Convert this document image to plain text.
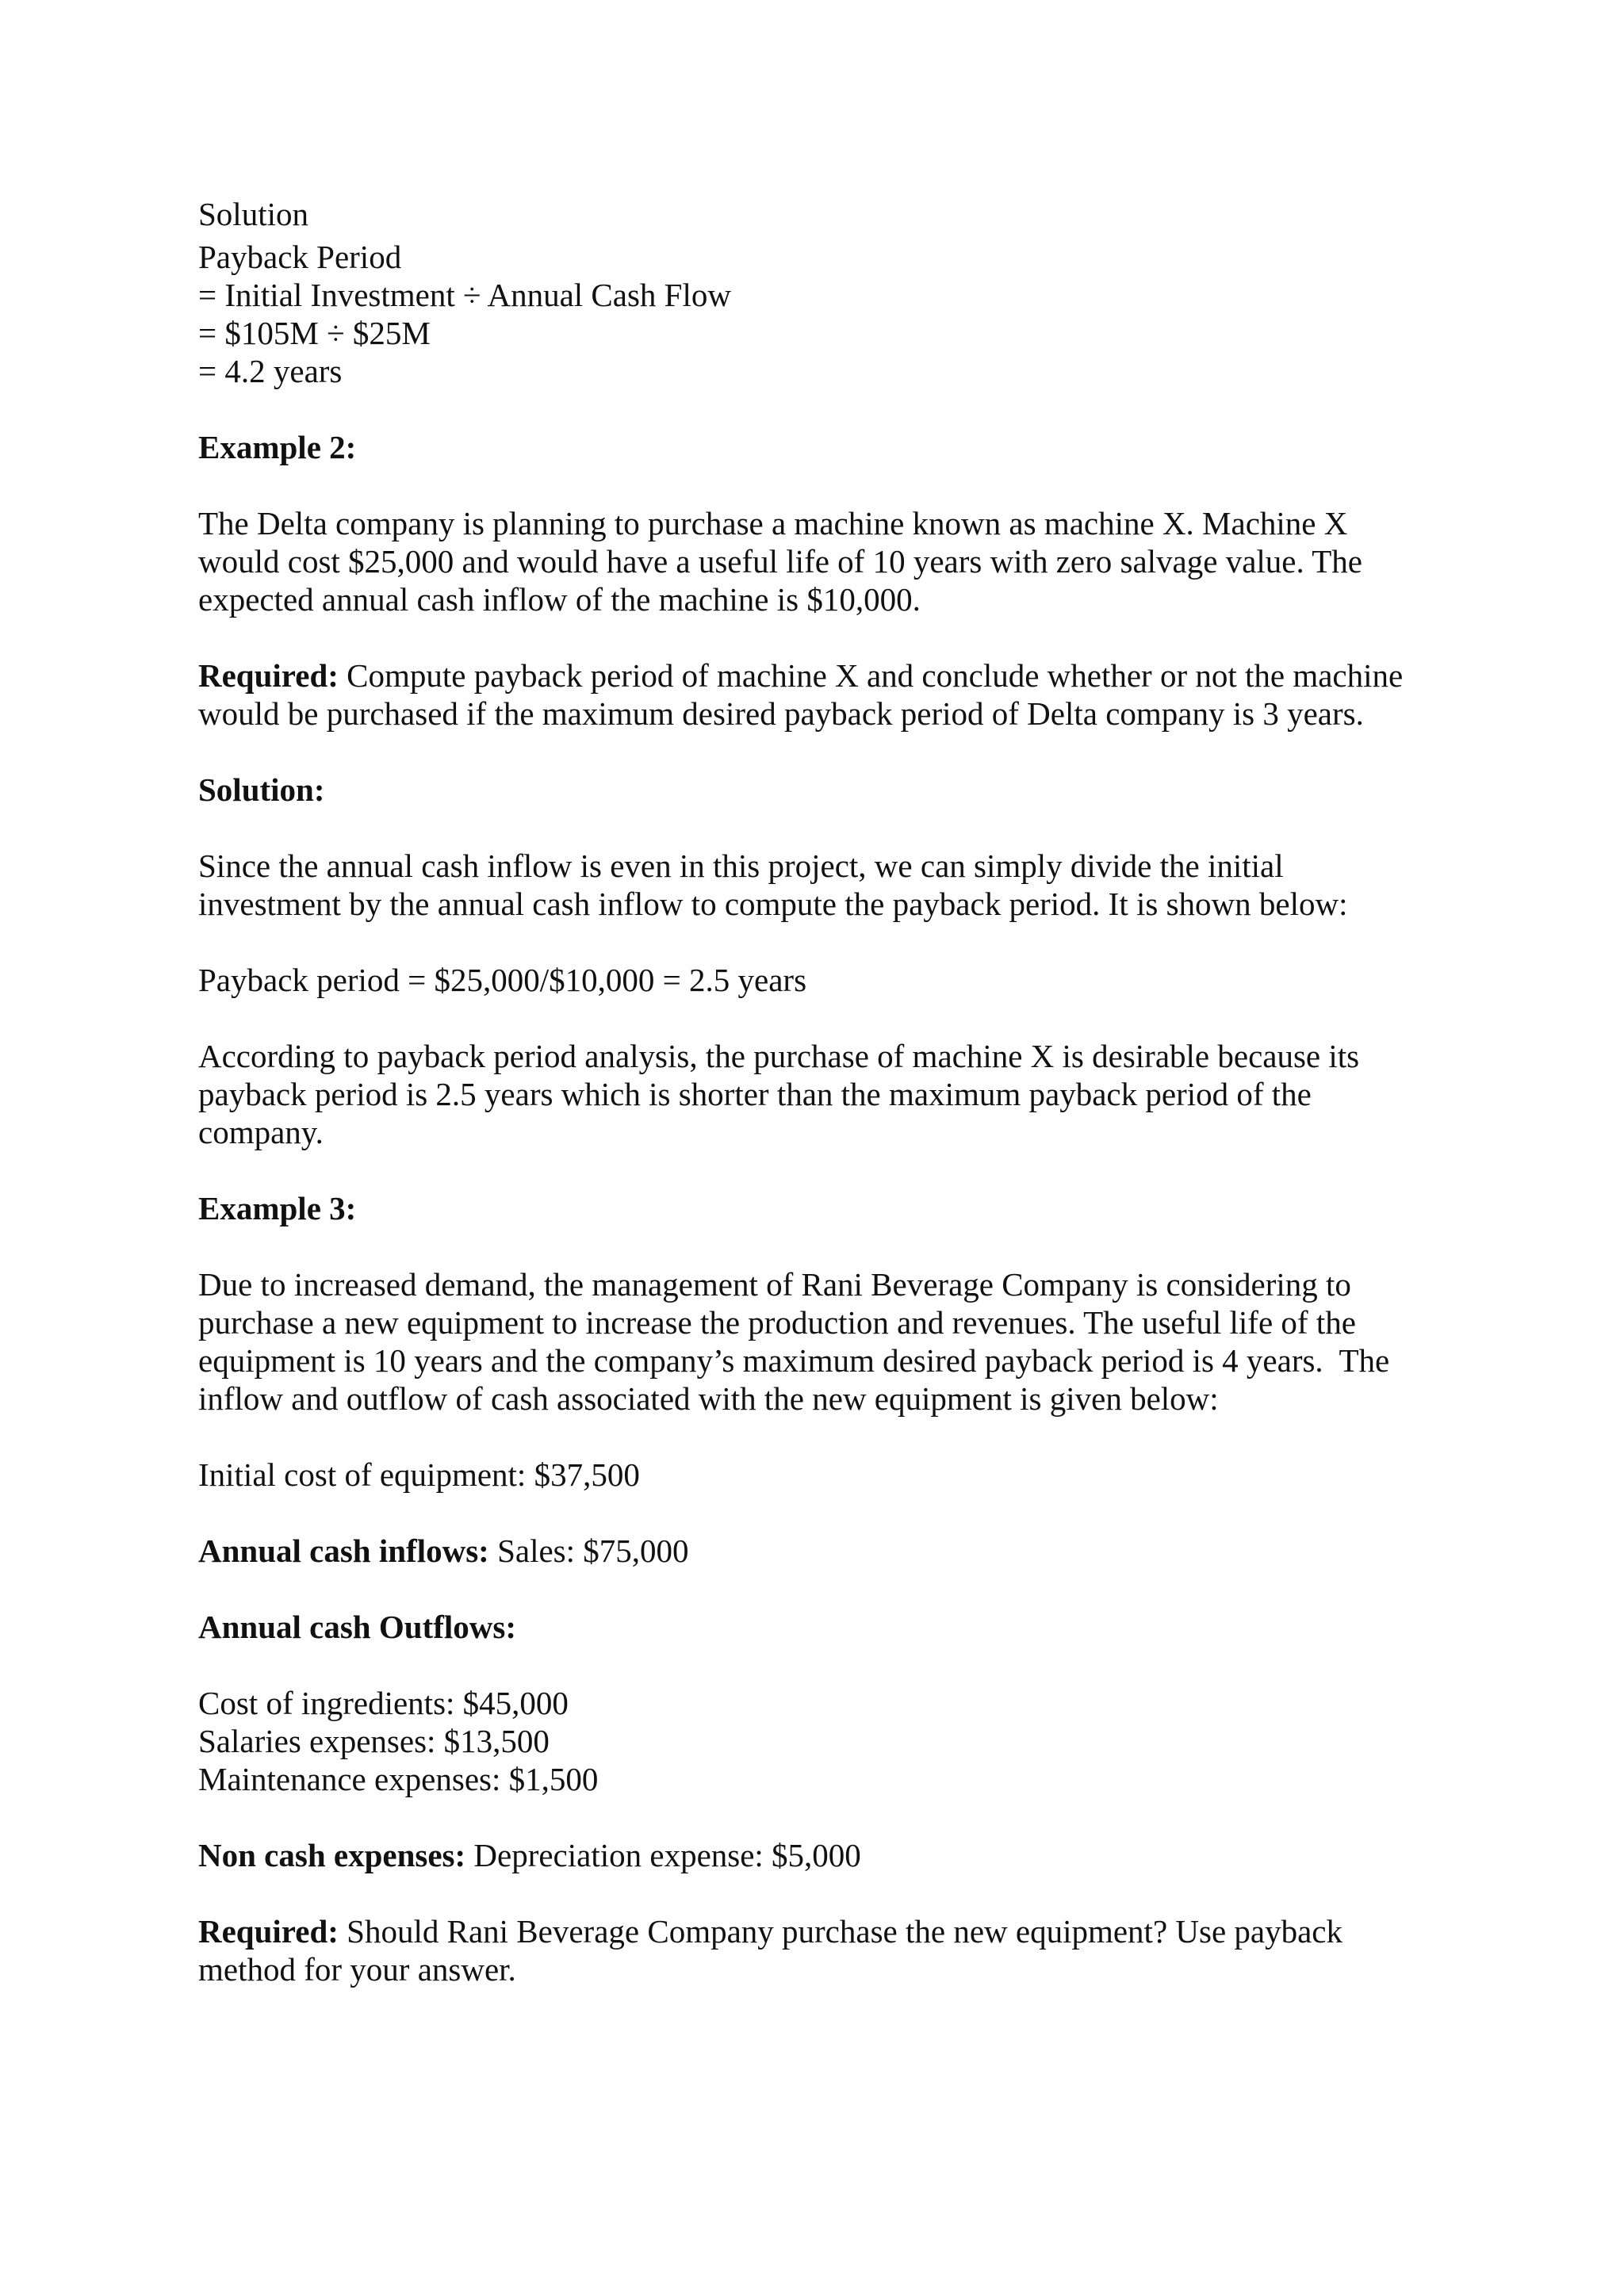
Solution
Payback Period
= Initial Investment ÷ Annual Cash Flow
= $105M ÷ $25M
= 4.2 years
Example 2:

The Delta company is planning to purchase a machine known as machine X. Machine X

would cost $25,000 and would have a useful life of 10 years with zero salvage value. The

expected annual cash inflow of the machine is $10,000.

Required: Compute payback period of machine X and conclude whether or not the machine

would be purchased if the maximum desired payback period of Delta company is 3 years.

Solution:

Since the annual cash inflow is even in this project, we can simply divide the initial

investment by the annual cash inflow to compute the payback period. It is shown below:

Payback period = $25,000/$10,000 = 2.5 years

According to payback period analysis, the purchase of machine X is desirable because its

payback period is 2.5 years which is shorter than the maximum payback period of the

company.

Example 3:

Due to increased demand, the management of Rani Beverage Company is considering to

purchase a new equipment to increase the production and revenues. The useful life of the

equipment is 10 years and the company’s maximum desired payback period is 4 years.  The

inflow and outflow of cash associated with the new equipment is given below:

Initial cost of equipment: $37,500

Annual cash inflows: Sales: $75,000

Annual cash Outflows:
Cost of ingredients: $45,000
Salaries expenses: $13,500
Maintenance expenses: $1,500

Non cash expenses: Depreciation expense: $5,000

Required: Should Rani Beverage Company purchase the new equipment? Use payback

method for your answer.
